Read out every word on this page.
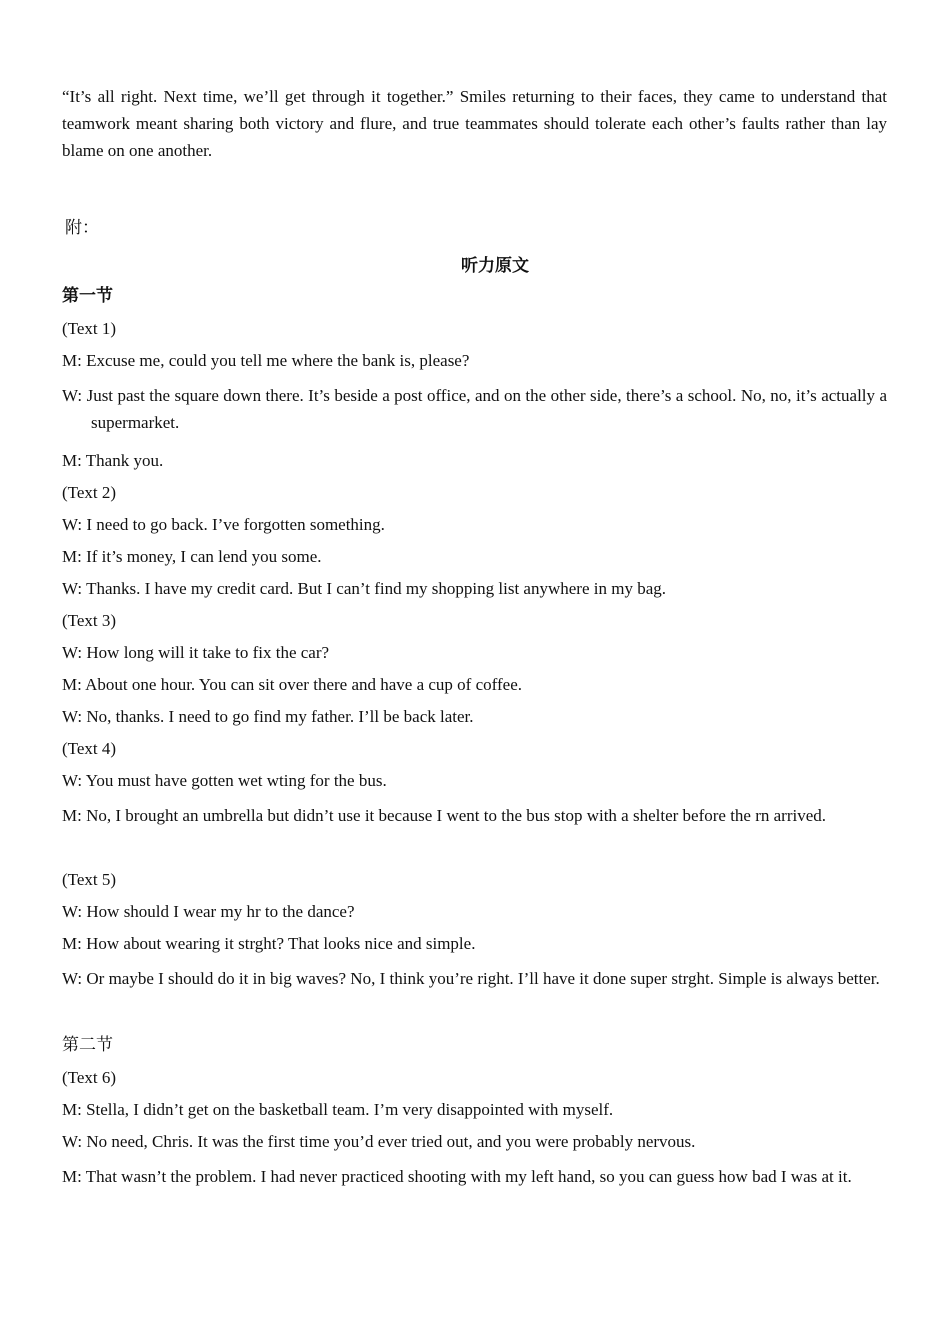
“It’s all right. Next time, we’ll get through it together.” Smiles returning to their faces, they came to understand that teamwork meant sharing both victory and flure, and true teammates should tolerate each other’s faults rather than lay blame on one another.
附：
听力原文
第一节
(Text 1)
M: Excuse me, could you tell me where the bank is, please?
W: Just past the square down there. It’s beside a post office, and on the other side, there’s a school. No, no, it’s actually a supermarket.
M: Thank you.
(Text 2)
W: I need to go back. I’ve forgotten something.
M: If it’s money, I can lend you some.
W: Thanks. I have my credit card. But I can’t find my shopping list anywhere in my bag.
(Text 3)
W: How long will it take to fix the car?
M: About one hour. You can sit over there and have a cup of coffee.
W: No, thanks. I need to go find my father. I’ll be back later.
(Text 4)
W: You must have gotten wet wting for the bus.
M: No, I brought an umbrella but didn’t use it because I went to the bus stop with a shelter before the rn arrived.
(Text 5)
W: How should I wear my hr to the dance?
M: How about wearing it strght? That looks nice and simple.
W: Or maybe I should do it in big waves? No, I think you’re right. I’ll have it done super strght. Simple is always better.
第二节
(Text 6)
M: Stella, I didn’t get on the basketball team. I’m very disappointed with myself.
W: No need, Chris. It was the first time you’d ever tried out, and you were probably nervous.
M: That wasn’t the problem. I had never practiced shooting with my left hand, so you can guess how bad I was at it.
